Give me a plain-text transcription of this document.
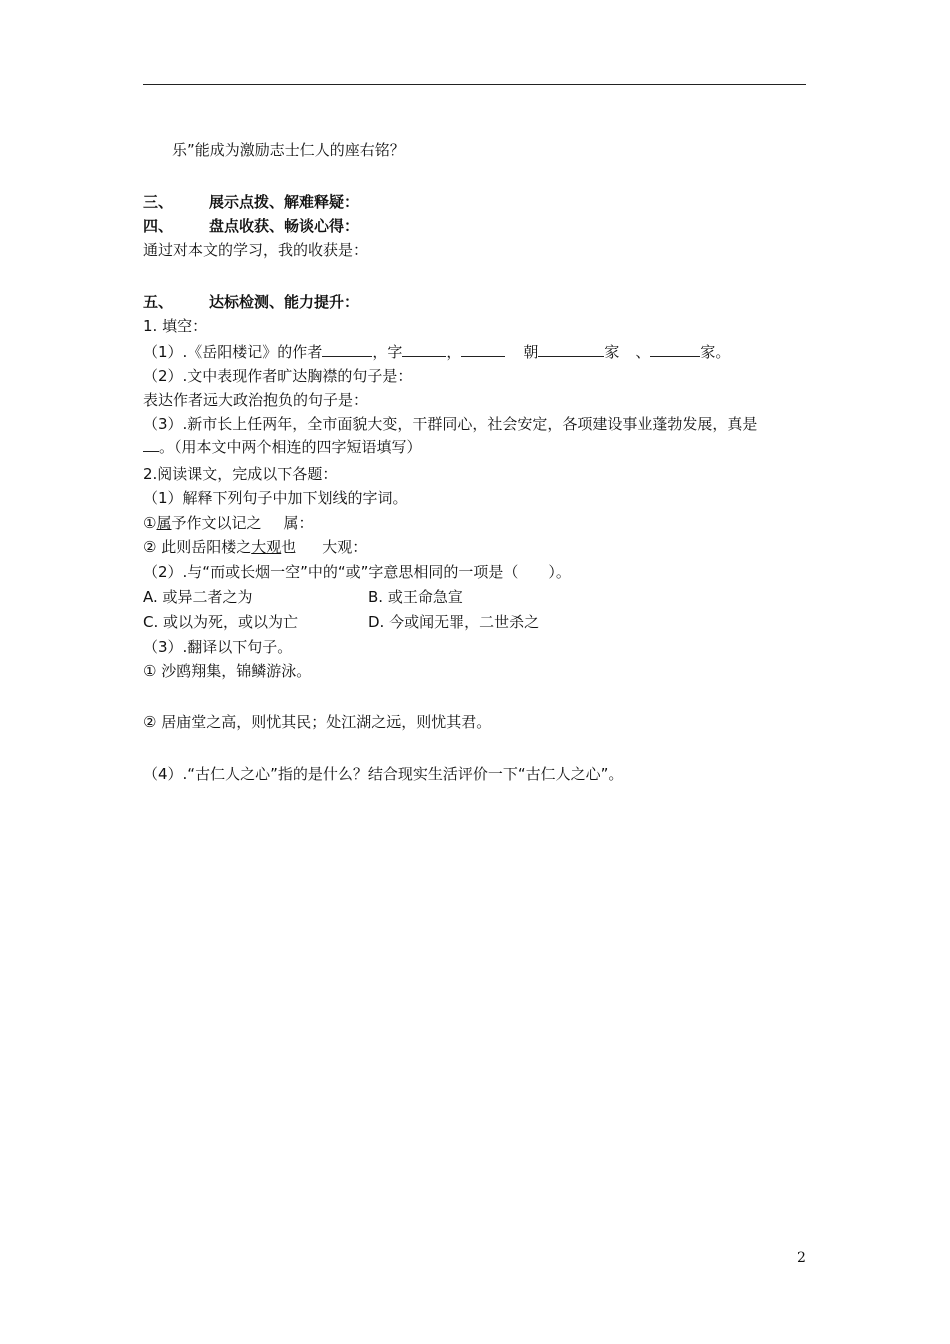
乐”能成为激励志士仁人的座右铭？
三、 展示点拨、解难释疑：
四、 盘点收获、畅谈心得：
通过对本文的学习，我的收获是：
五、 达标检测、能力提升：
1. 填空：
（1）.《岳阳楼记》的作者	，字	，	朝	家 、	家。
（2）.文中表现作者旷达胸襟的句子是：
表达作者远大政治抱负的句子是：
（3）.新市长上任两年，全市面貌大变，干群同心，社会安定，各项建设事业蓬勃发展，真是
。（用本文中两个相连的四字短语填写）
2.阅读课文，完成以下各题：
（1）解释下列句子中加下划线的字词。
①属予作文以记之 属：
② 此则岳阳楼之大观也 大观：
（2）.与“而或长烟一空”中的“或”字意思相同的一项是（　　）。
A. 或异二者之为	B. 或王命急宣
C. 或以为死，或以为亡	D. 今或闻无罪，二世杀之
（3）.翻译以下句子。
① 沙鸥翔集，锦鳞游泳。
② 居庙堂之高，则忧其民；处江湖之远，则忧其君。
（4）.“古仁人之心”指的是什么？结合现实生活评价一下“古仁人之心”。
2
